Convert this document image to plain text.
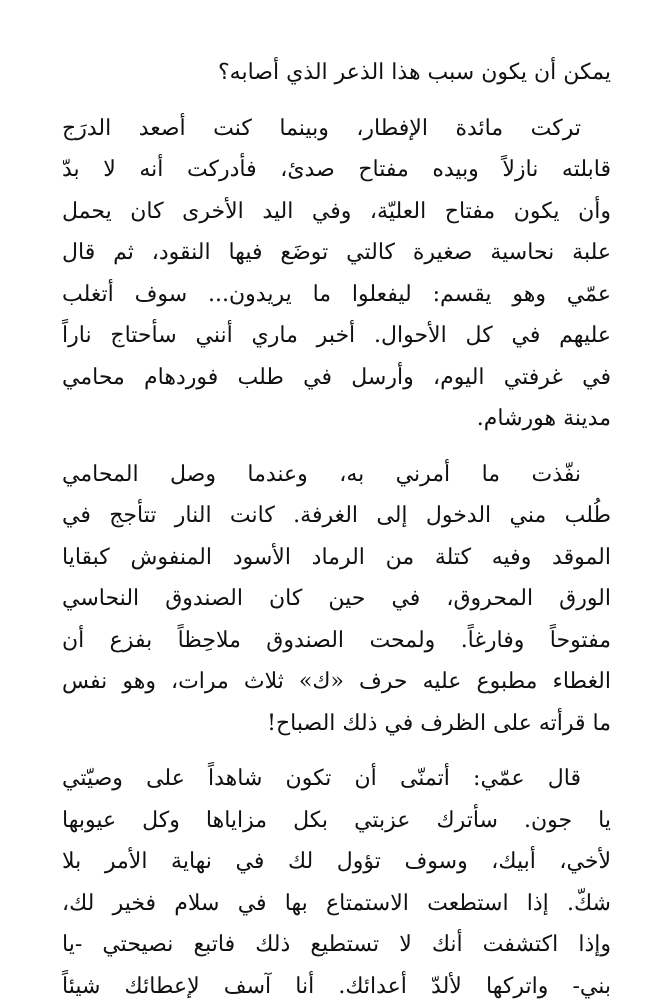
يمكن أن يكون سبب هذا الذعر الذي أصابه؟

تركت مائدة الإفطار، وبينما كنت أصعد الدرَج
قابلته نازلاً وبيده مفتاح صدئ، فأدركت أنه لا بدّ
وأن يكون مفتاح العليّة، وفي اليد الأخرى كان يحمل
علبة نحاسية صغيرة كالتي توضَع فيها النقود، ثم قال
عمّي وهو يقسم: ليفعلوا ما يريدون... سوف أتغلب
عليهم في كل الأحوال. أخبر ماري أنني سأحتاج ناراً
في غرفتي اليوم، وأرسل في طلب فوردهام محامي
مدينة هورشام.

نفّذت ما أمرني به، وعندما وصل المحامي
طُلب مني الدخول إلى الغرفة. كانت النار تتأجج في
الموقد وفيه كتلة من الرماد الأسود المنفوش كبقايا
الورق المحروق، في حين كان الصندوق النحاسي
مفتوحاً وفارغاً. ولمحت الصندوق ملاحِظاً بفزع أن
الغطاء مطبوع عليه حرف «ك» ثلاث مرات، وهو نفس
ما قرأته على الظرف في ذلك الصباح!

قال عمّي: أتمنّى أن تكون شاهداً على وصيّتي
يا جون. سأترك عزبتي بكل مزاياها وكل عيوبها
لأخي، أبيك، وسوف تؤول لك في نهاية الأمر بلا
شكّ. إذا استطعت الاستمتاع بها في سلام فخير لك،
وإذا اكتشفت أنك لا تستطيع ذلك فاتبع نصيحتي -يا
بني- واتركها لألدّ أعدائك. أنا آسف لإعطائك شيئاً
